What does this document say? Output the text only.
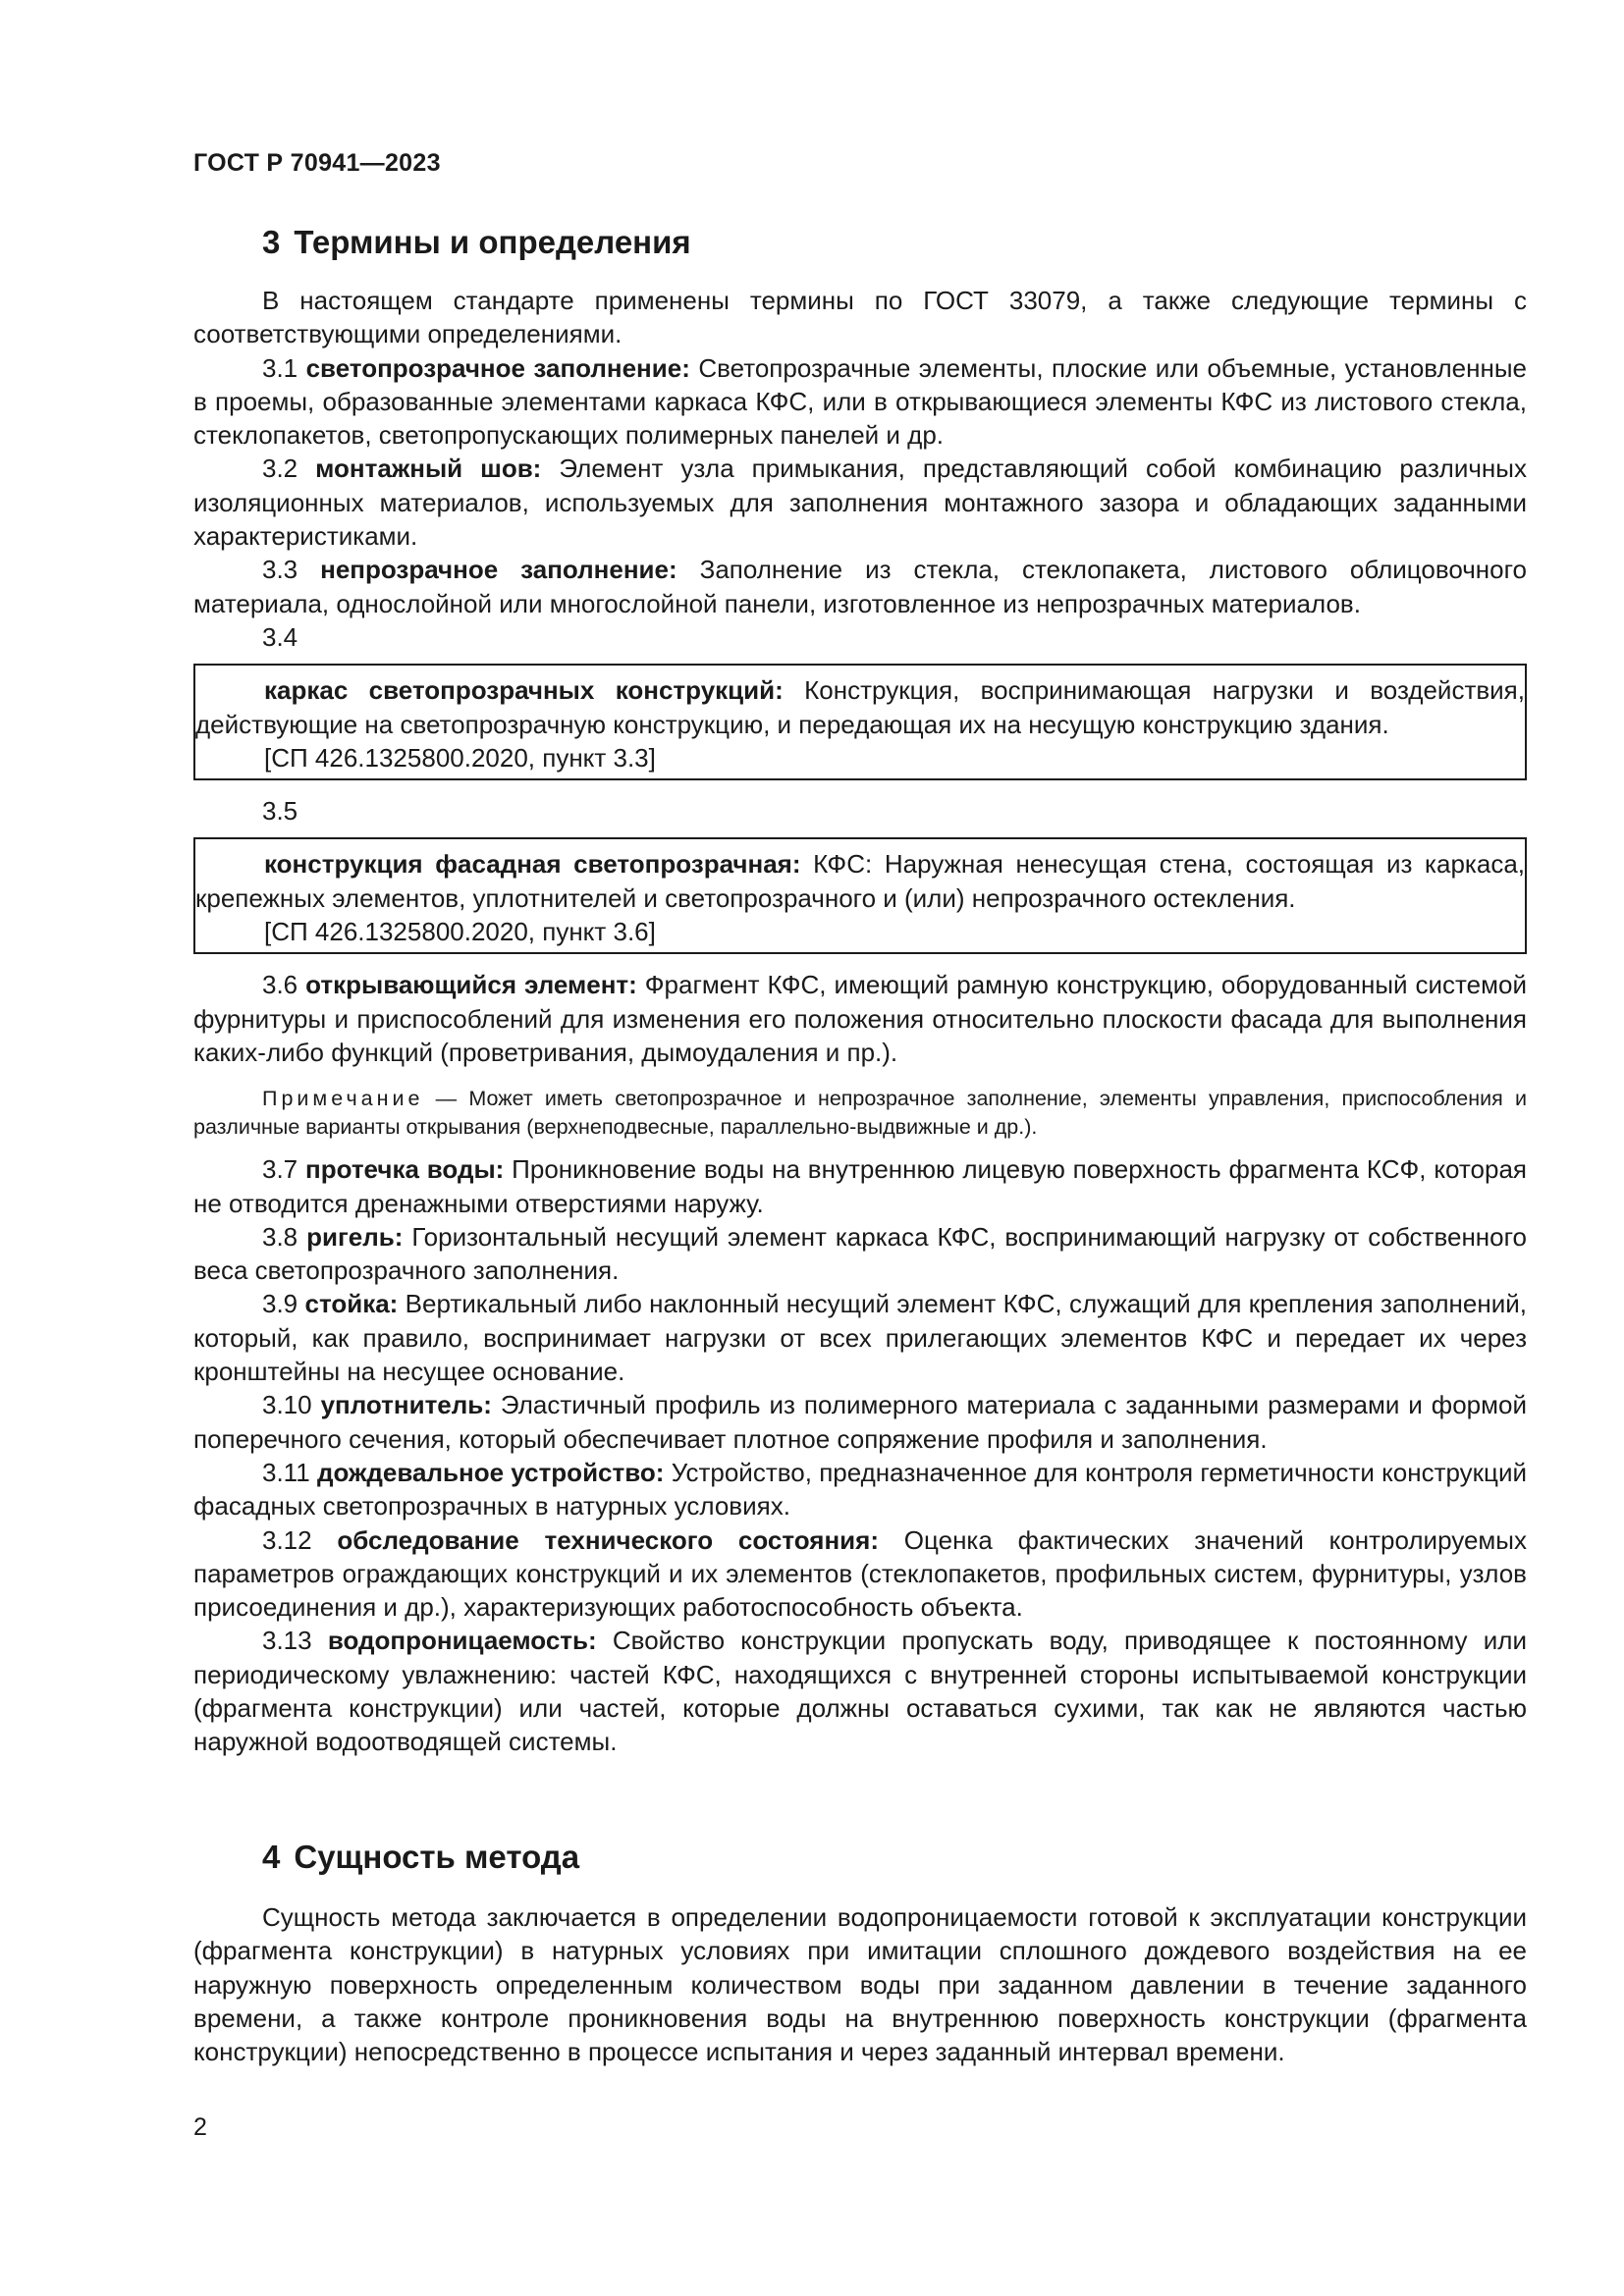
ГОСТ Р 70941—2023
3 Термины и определения

В настоящем стандарте применены термины по ГОСТ 33079, а также следующие термины с соответствующими определениями.

3.1 светопрозрачное заполнение: Светопрозрачные элементы, плоские или объемные, установленные в проемы, образованные элементами каркаса КФС, или в открывающиеся элементы КФС из листового стекла, стеклопакетов, светопропускающих полимерных панелей и др.

3.2 монтажный шов: Элемент узла примыкания, представляющий собой комбинацию различных изоляционных материалов, используемых для заполнения монтажного зазора и обладающих заданными характеристиками.

3.3 непрозрачное заполнение: Заполнение из стекла, стеклопакета, листового облицовочного материала, однослойной или многослойной панели, изготовленное из непрозрачных материалов.

3.4

каркас светопрозрачных конструкций: Конструкция, воспринимающая нагрузки и воздействия, действующие на светопрозрачную конструкцию, и передающая их на несущую конструкцию здания.

[СП 426.1325800.2020, пункт 3.3]

3.5

конструкция фасадная светопрозрачная: КФС: Наружная ненесущая стена, состоящая из каркаса, крепежных элементов, уплотнителей и светопрозрачного и (или) непрозрачного остекления.

[СП 426.1325800.2020, пункт 3.6]

3.6 открывающийся элемент: Фрагмент КФС, имеющий рамную конструкцию, оборудованный системой фурнитуры и приспособлений для изменения его положения относительно плоскости фасада для выполнения каких-либо функций (проветривания, дымоудаления и пр.).

Примечание — Может иметь светопрозрачное и непрозрачное заполнение, элементы управления, приспособления и различные варианты открывания (верхнеподвесные, параллельно-выдвижные и др.).

3.7 протечка воды: Проникновение воды на внутреннюю лицевую поверхность фрагмента КСФ, которая не отводится дренажными отверстиями наружу.

3.8 ригель: Горизонтальный несущий элемент каркаса КФС, воспринимающий нагрузку от собственного веса светопрозрачного заполнения.

3.9 стойка: Вертикальный либо наклонный несущий элемент КФС, служащий для крепления заполнений, который, как правило, воспринимает нагрузки от всех прилегающих элементов КФС и передает их через кронштейны на несущее основание.

3.10 уплотнитель: Эластичный профиль из полимерного материала с заданными размерами и формой поперечного сечения, который обеспечивает плотное сопряжение профиля и заполнения.

3.11 дождевальное устройство: Устройство, предназначенное для контроля герметичности конструкций фасадных светопрозрачных в натурных условиях.

3.12 обследование технического состояния: Оценка фактических значений контролируемых параметров ограждающих конструкций и их элементов (стеклопакетов, профильных систем, фурнитуры, узлов присоединения и др.), характеризующих работоспособность объекта.

3.13 водопроницаемость: Свойство конструкции пропускать воду, приводящее к постоянному или периодическому увлажнению: частей КФС, находящихся с внутренней стороны испытываемой конструкции (фрагмента конструкции) или частей, которые должны оставаться сухими, так как не являются частью наружной водоотводящей системы.

4 Сущность метода

Сущность метода заключается в определении водопроницаемости готовой к эксплуатации конструкции (фрагмента конструкции) в натурных условиях при имитации сплошного дождевого воздействия на ее наружную поверхность определенным количеством воды при заданном давлении в течение заданного времени, а также контроле проникновения воды на внутреннюю поверхность конструкции (фрагмента конструкции) непосредственно в процессе испытания и через заданный интервал времени.

2
